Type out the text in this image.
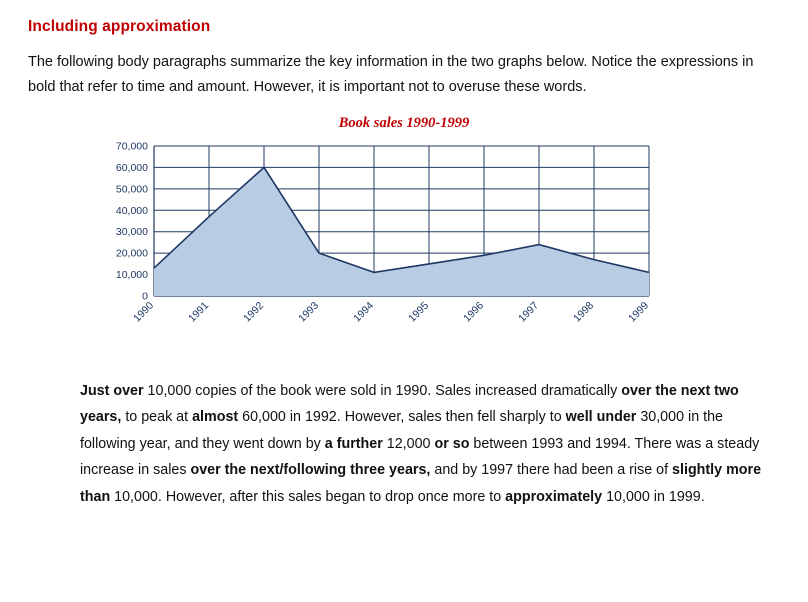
Including approximation

The following body paragraphs summarize the key information in the two graphs below. Notice the expressions in bold that refer to time and amount. However, it is important not to overuse these words.

Book sales 1990-1999
70,000
60,000
50,000
40,000
30,000
20,000
10,000
0
1990	1991	1992	1993	1994	1995	1996	1997	1998	1999

Just over 10,000 copies of the book were sold in 1990. Sales increased dramatically over the next two years, to peak at almost 60,000 in 1992. However, sales then fell sharply to well under 30,000 in the following year, and they went down by a further 12,000 or so between 1993 and 1994. There was a steady increase in sales over the next/following three years, and by 1997 there had been a rise of slightly more than 10,000. However, after this sales began to drop once more to approximately 10,000 in 1999.
